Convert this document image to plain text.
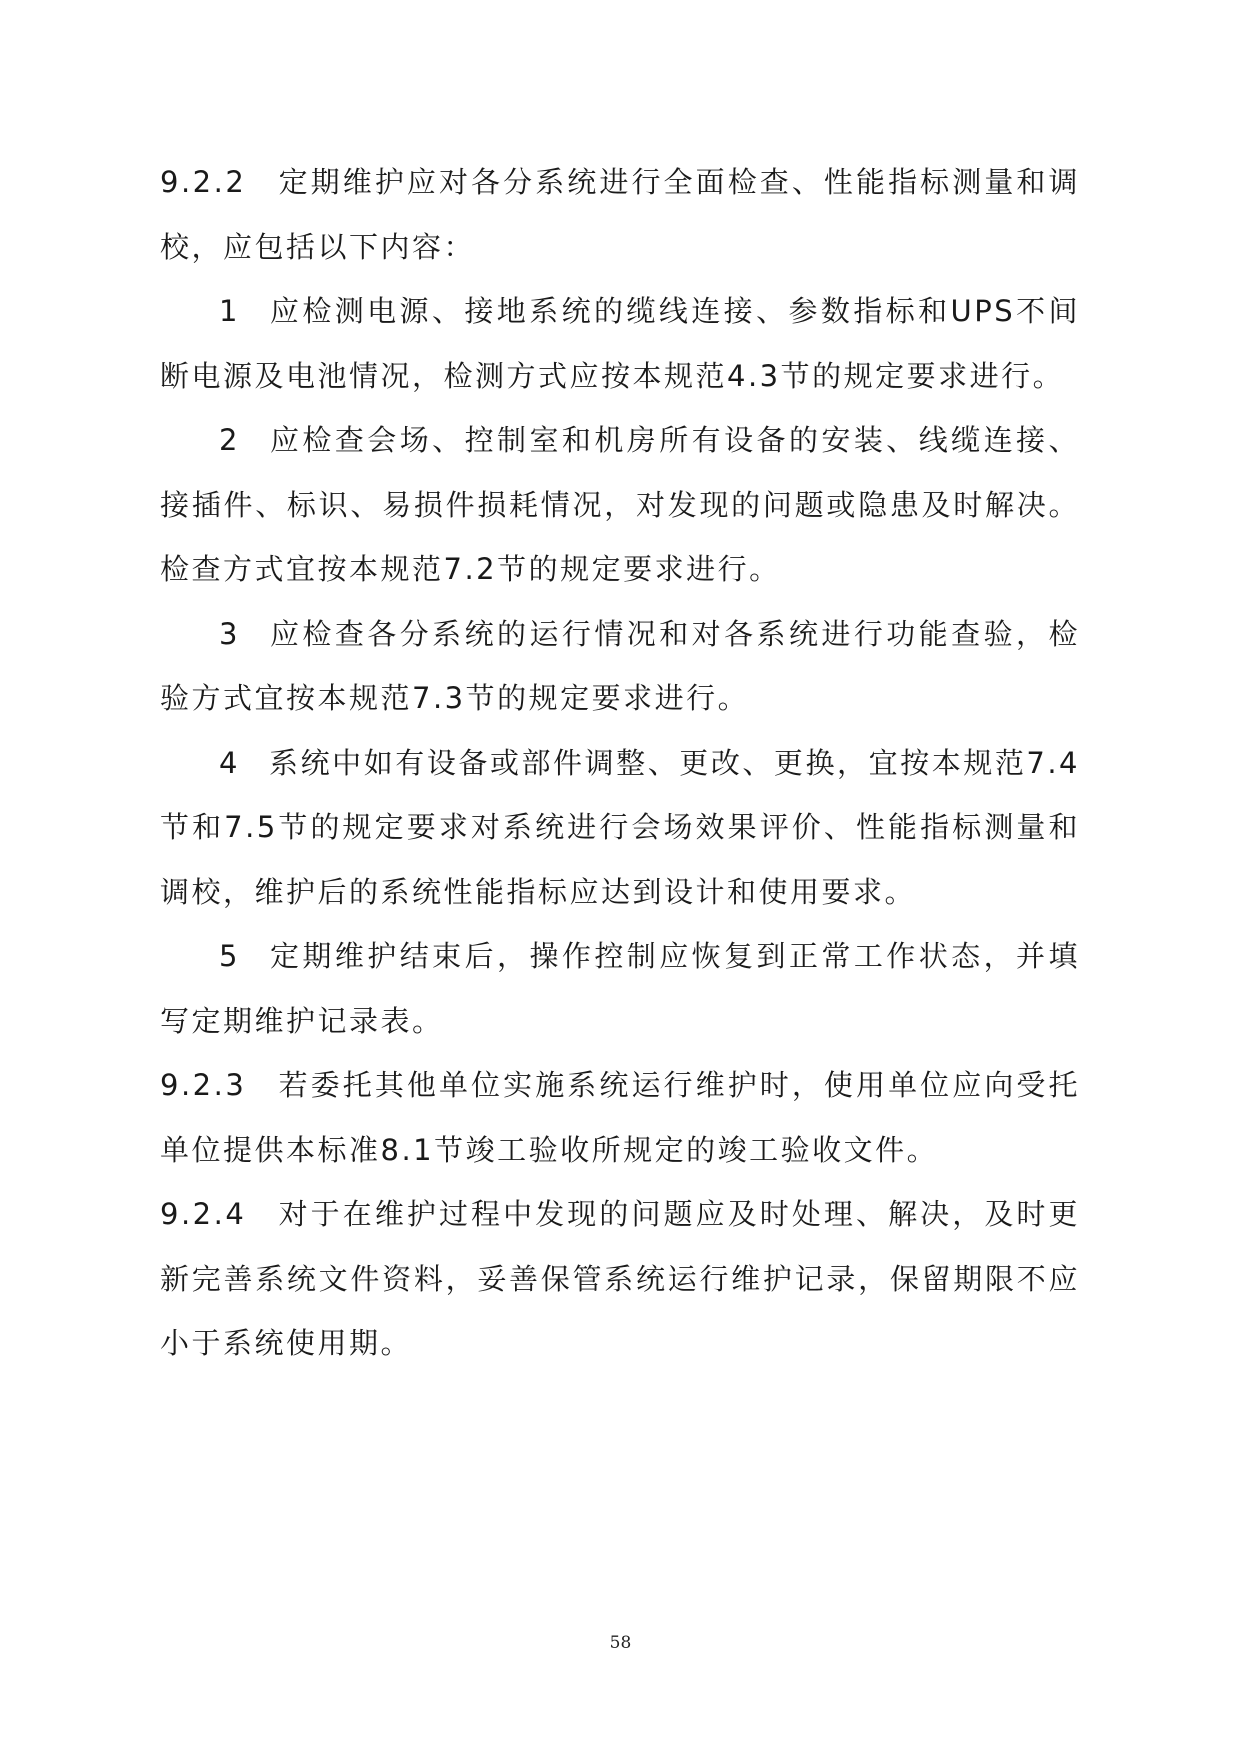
9.2.2 定期维护应对各分系统进行全面检查、性能指标测量和调校，应包括以下内容：

1 应检测电源、接地系统的缆线连接、参数指标和UPS不间断电源及电池情况，检测方式应按本规范4.3节的规定要求进行。

2 应检查会场、控制室和机房所有设备的安装、线缆连接、接插件、标识、易损件损耗情况，对发现的问题或隐患及时解决。检查方式宜按本规范7.2节的规定要求进行。

3 应检查各分系统的运行情况和对各系统进行功能查验，检验方式宜按本规范7.3节的规定要求进行。

4 系统中如有设备或部件调整、更改、更换，宜按本规范7.4节和7.5节的规定要求对系统进行会场效果评价、性能指标测量和调校，维护后的系统性能指标应达到设计和使用要求。

5 定期维护结束后，操作控制应恢复到正常工作状态，并填写定期维护记录表。

9.2.3 若委托其他单位实施系统运行维护时，使用单位应向受托单位提供本标准8.1节竣工验收所规定的竣工验收文件。

9.2.4 对于在维护过程中发现的问题应及时处理、解决，及时更新完善系统文件资料，妥善保管系统运行维护记录，保留期限不应小于系统使用期。

58
